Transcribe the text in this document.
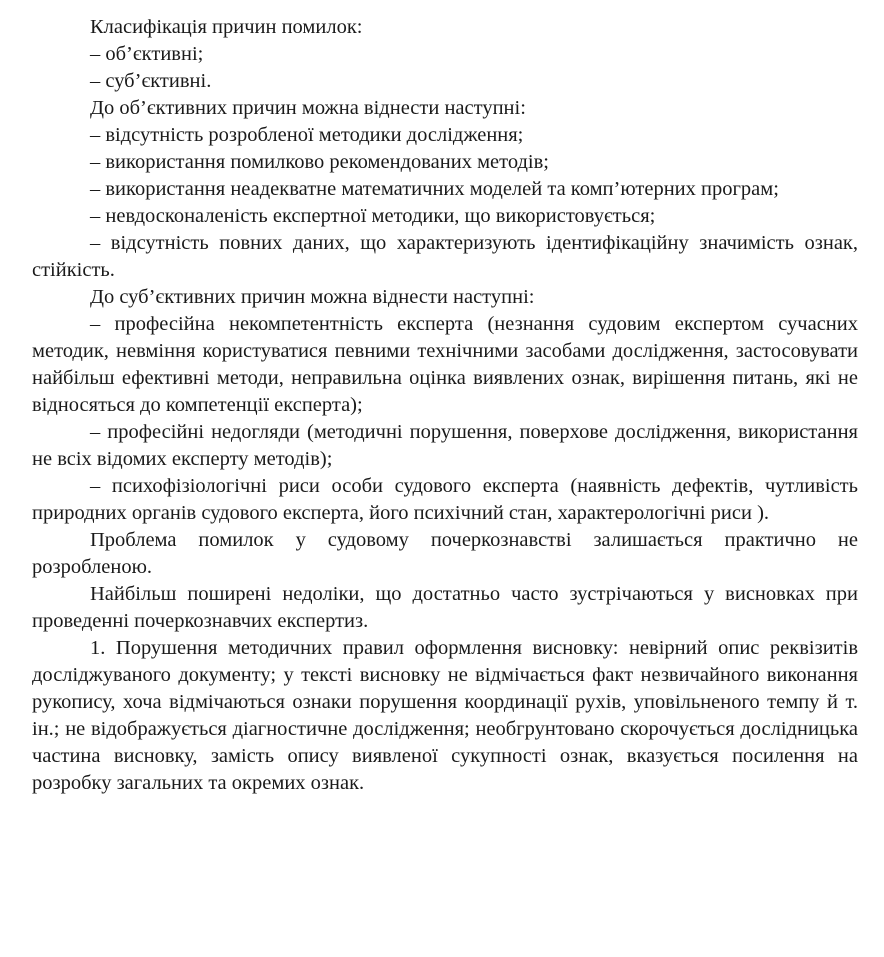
Класифікація причин помилок:

– об’єктивні;

– суб’єктивні.

До об’єктивних причин можна віднести наступні:

– відсутність розробленої методики дослідження;

– використання помилково рекомендованих методів;

– використання неадекватне математичних моделей та комп’ютерних програм;

– невдосконаленість експертної методики, що використовується;

– відсутність повних даних, що характеризують ідентифікаційну значимість ознак, стійкість.

До суб’єктивних причин можна віднести наступні:

– професійна некомпетентність експерта (незнання судовим експертом сучасних методик, невміння користуватися певними технічними засобами дослідження, застосовувати найбільш ефективні методи, неправильна оцінка виявлених ознак, вирішення питань, які не відносяться до компетенції експерта);

– професійні недогляди (методичні порушення, поверхове дослідження, використання не всіх відомих експерту методів);

– психофізіологічні риси особи судового експерта (наявність дефектів, чутливість природних органів судового експерта, його психічний стан, характерологічні риси ).

Проблема помилок у судовому почеркознавстві залишається практично не розробленою.

Найбільш поширені недоліки, що достатньо часто зустрічаються у висновках при проведенні почеркознавчих експертиз.

1. Порушення методичних правил оформлення висновку: невірний опис реквізитів досліджуваного документу; у тексті висновку не відмічається факт незвичайного виконання рукопису, хоча відмічаються ознаки порушення координації рухів, уповільненого темпу й т. ін.; не відображується діагностичне дослідження; необгрунтовано скорочується дослідницька частина висновку, замість опису виявленої сукупності ознак, вказується посилення на розробку загальних та окремих ознак.
